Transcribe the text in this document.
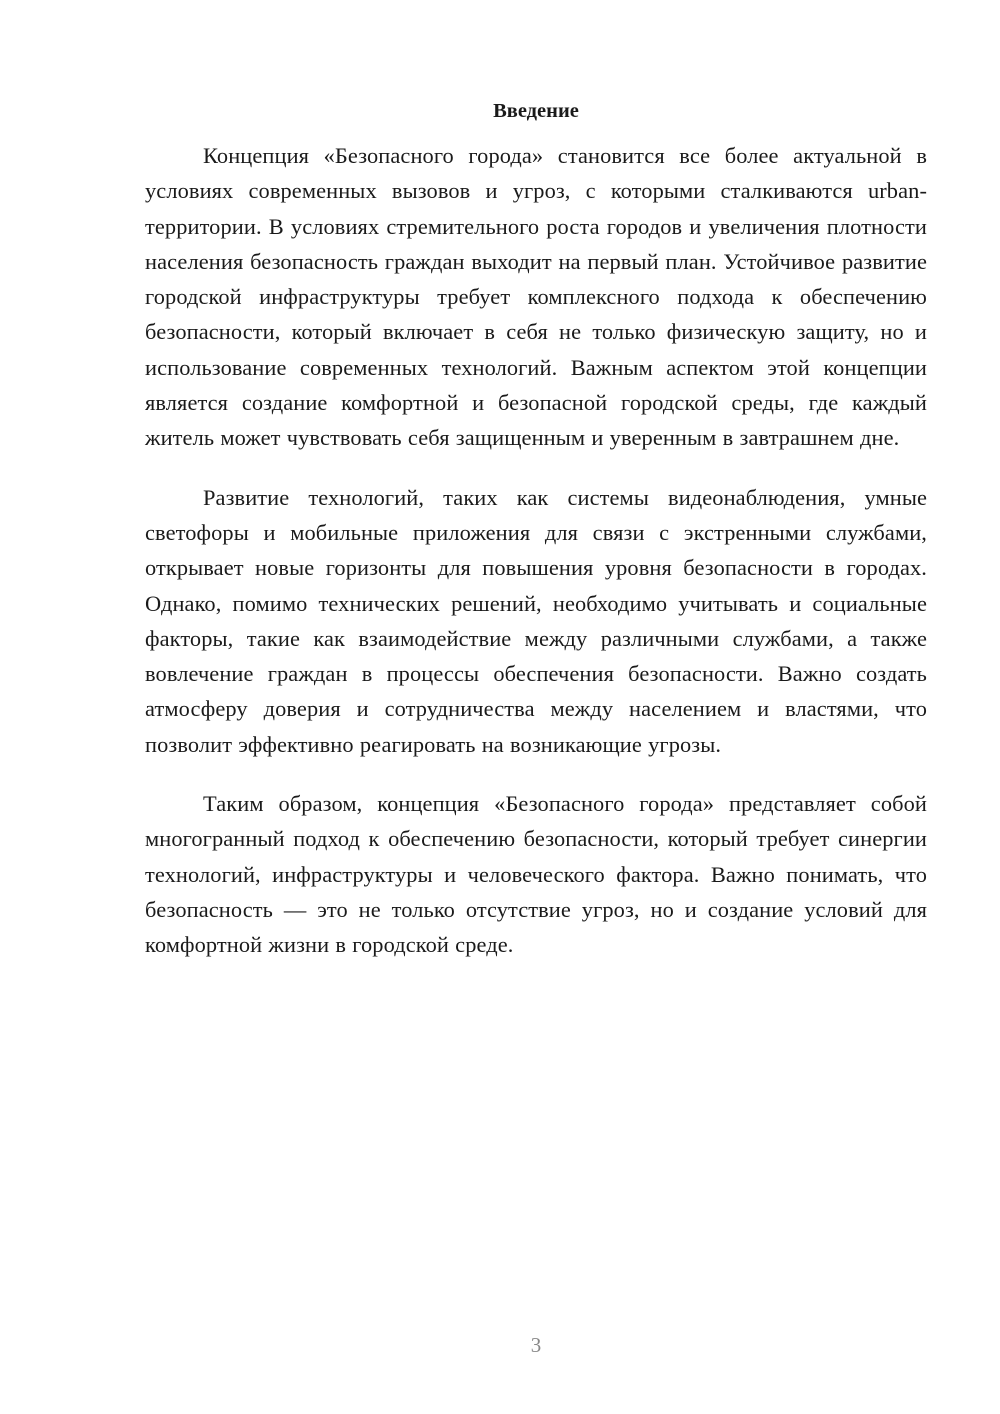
Введение

Концепция «Безопасного города» становится все более актуальной в условиях современных вызовов и угроз, с которыми сталкиваются urban-территории. В условиях стремительного роста городов и увеличения плотности населения безопасность граждан выходит на первый план. Устойчивое развитие городской инфраструктуры требует комплексного подхода к обеспечению безопасности, который включает в себя не только физическую защиту, но и использование современных технологий. Важным аспектом этой концепции является создание комфортной и безопасной городской среды, где каждый житель может чувствовать себя защищенным и уверенным в завтрашнем дне.

Развитие технологий, таких как системы видеонаблюдения, умные светофоры и мобильные приложения для связи с экстренными службами, открывает новые горизонты для повышения уровня безопасности в городах. Однако, помимо технических решений, необходимо учитывать и социальные факторы, такие как взаимодействие между различными службами, а также вовлечение граждан в процессы обеспечения безопасности. Важно создать атмосферу доверия и сотрудничества между населением и властями, что позволит эффективно реагировать на возникающие угрозы.

Таким образом, концепция «Безопасного города» представляет собой многогранный подход к обеспечению безопасности, который требует синергии технологий, инфраструктуры и человеческого фактора. Важно понимать, что безопасность — это не только отсутствие угроз, но и создание условий для комфортной жизни в городской среде.

3
